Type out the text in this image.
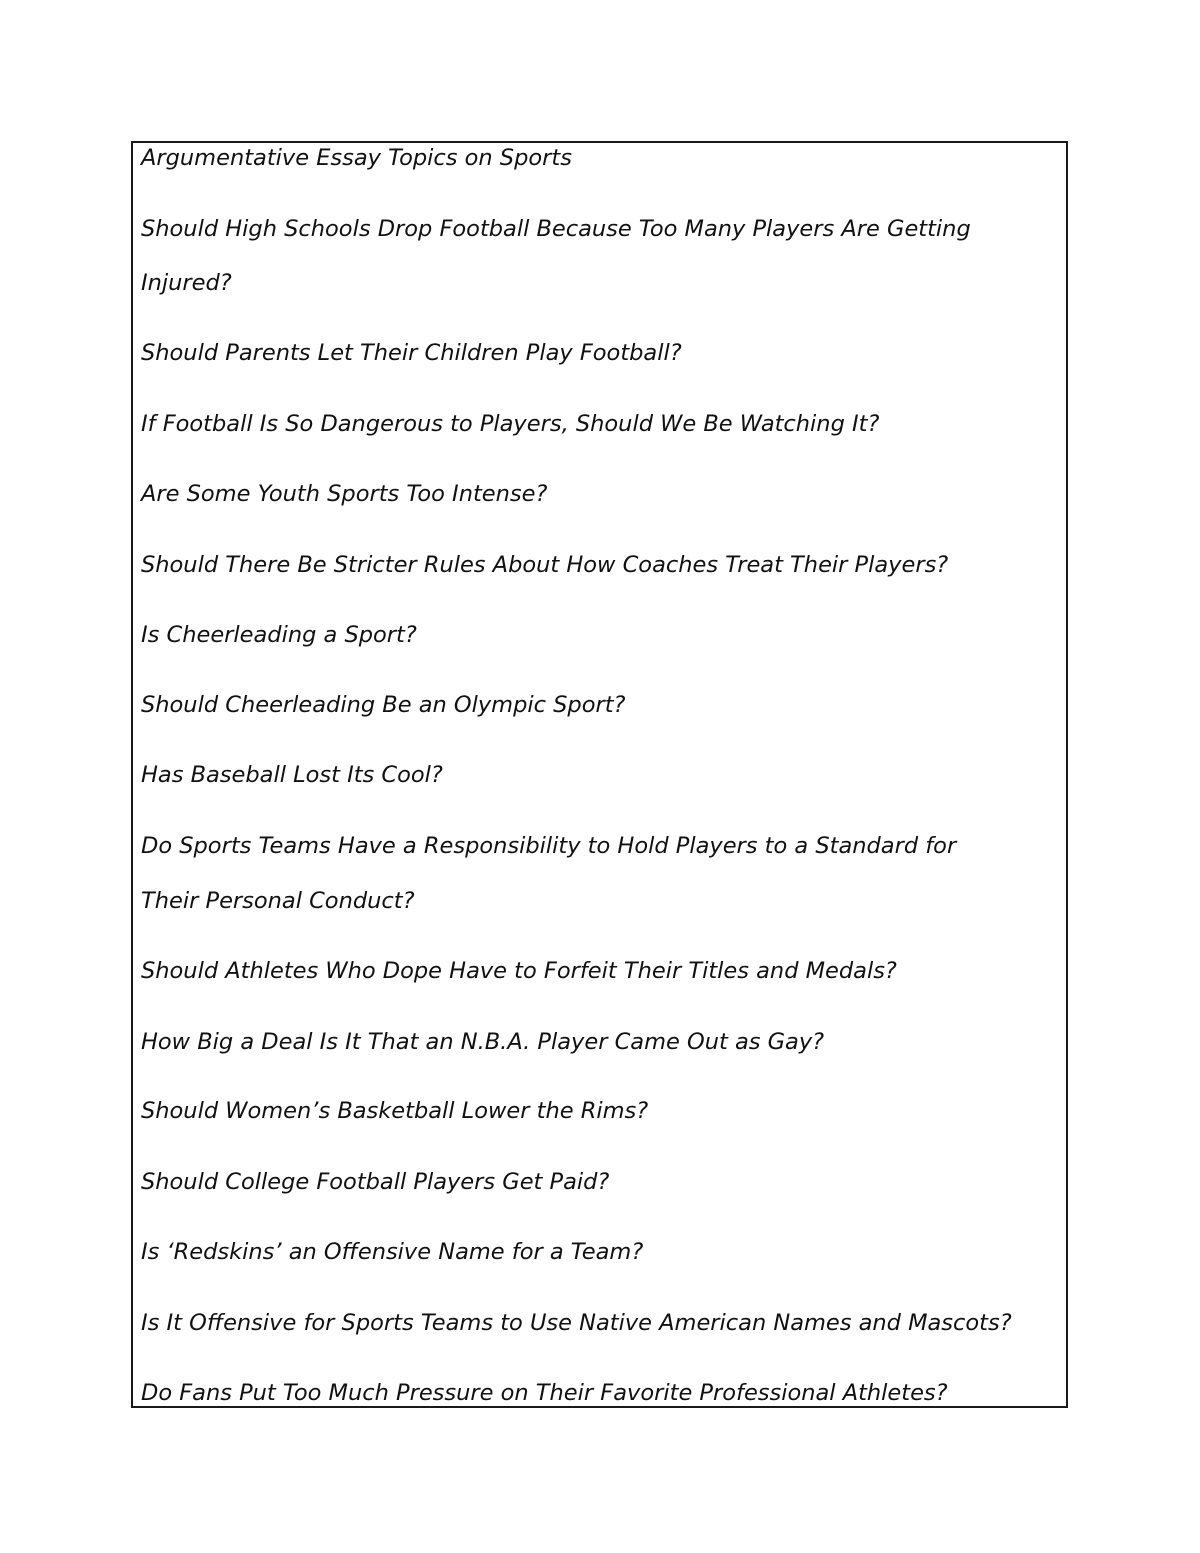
Argumentative Essay Topics on Sports

Should High Schools Drop Football Because Too Many Players Are Getting

Injured?

Should Parents Let Their Children Play Football?

If Football Is So Dangerous to Players, Should We Be Watching It?

Are Some Youth Sports Too Intense?

Should There Be Stricter Rules About How Coaches Treat Their Players?

Is Cheerleading a Sport?

Should Cheerleading Be an Olympic Sport?

Has Baseball Lost Its Cool?

Do Sports Teams Have a Responsibility to Hold Players to a Standard for

Their Personal Conduct?

Should Athletes Who Dope Have to Forfeit Their Titles and Medals?

How Big a Deal Is It That an N.B.A. Player Came Out as Gay?

Should Women’s Basketball Lower the Rims?

Should College Football Players Get Paid?

Is ‘Redskins’ an Offensive Name for a Team?

Is It Offensive for Sports Teams to Use Native American Names and Mascots?

Do Fans Put Too Much Pressure on Their Favorite Professional Athletes?
